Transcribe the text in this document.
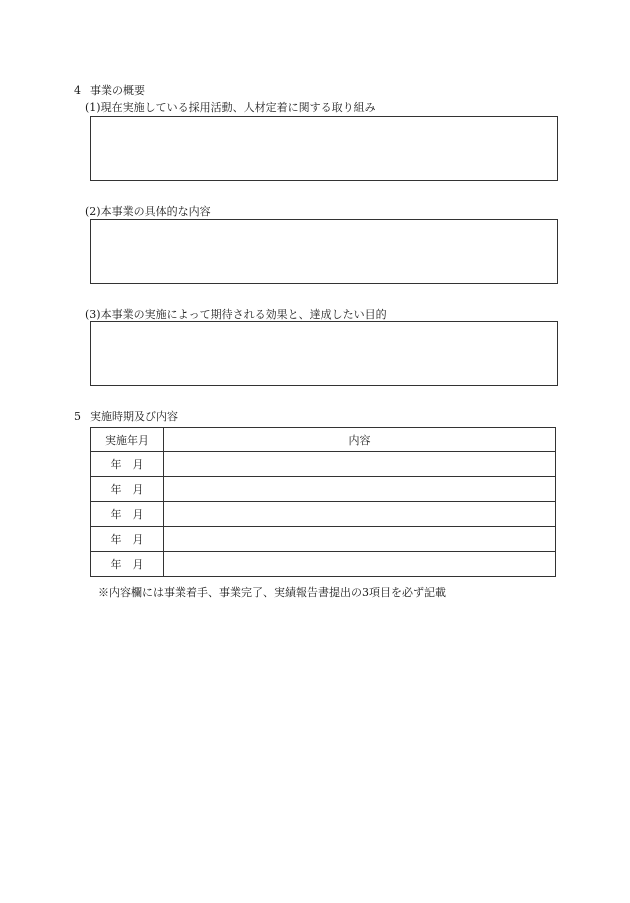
4 事業の概要
(1)現在実施している採用活動、人材定着に関する取り組み
(2)本事業の具体的な内容
(3)本事業の実施によって期待される効果と、達成したい目的
5 実施時期及び内容
実施年月	内容
年　月	
年　月	
年　月	
年　月	
年　月	
※内容欄には事業着手、事業完了、実績報告書提出の3項目を必ず記載
